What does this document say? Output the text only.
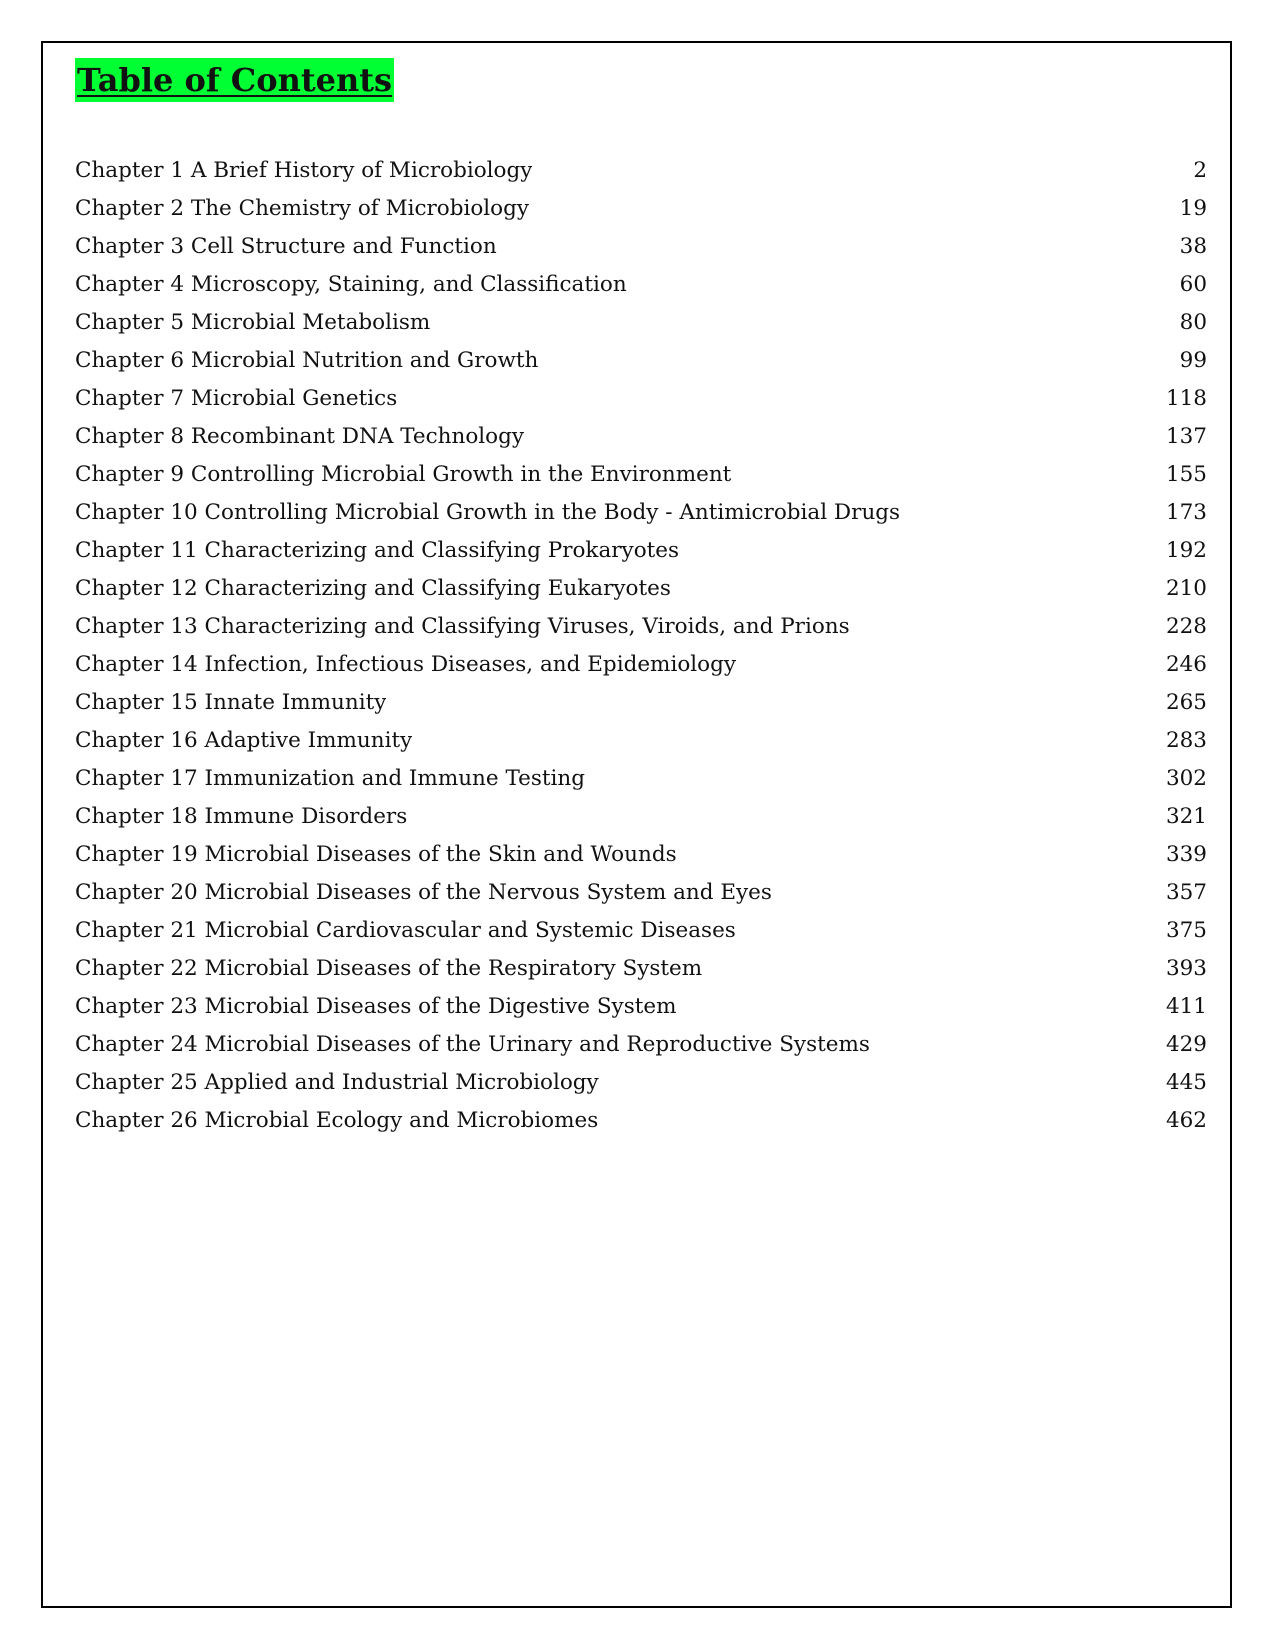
Table of Contents
Chapter 1 A Brief History of Microbiology	2
Chapter 2 The Chemistry of Microbiology	19
Chapter 3 Cell Structure and Function	38
Chapter 4 Microscopy, Staining, and Classification	60
Chapter 5 Microbial Metabolism	80
Chapter 6 Microbial Nutrition and Growth	99
Chapter 7 Microbial Genetics	118
Chapter 8 Recombinant DNA Technology	137
Chapter 9 Controlling Microbial Growth in the Environment	155
Chapter 10 Controlling Microbial Growth in the Body - Antimicrobial Drugs	173
Chapter 11 Characterizing and Classifying Prokaryotes	192
Chapter 12 Characterizing and Classifying Eukaryotes	210
Chapter 13 Characterizing and Classifying Viruses, Viroids, and Prions	228
Chapter 14 Infection, Infectious Diseases, and Epidemiology	246
Chapter 15 Innate Immunity	265
Chapter 16 Adaptive Immunity	283
Chapter 17 Immunization and Immune Testing	302
Chapter 18 Immune Disorders	321
Chapter 19 Microbial Diseases of the Skin and Wounds	339
Chapter 20 Microbial Diseases of the Nervous System and Eyes	357
Chapter 21 Microbial Cardiovascular and Systemic Diseases	375
Chapter 22 Microbial Diseases of the Respiratory System	393
Chapter 23 Microbial Diseases of the Digestive System	411
Chapter 24 Microbial Diseases of the Urinary and Reproductive Systems	429
Chapter 25 Applied and Industrial Microbiology	445
Chapter 26 Microbial Ecology and Microbiomes	462
